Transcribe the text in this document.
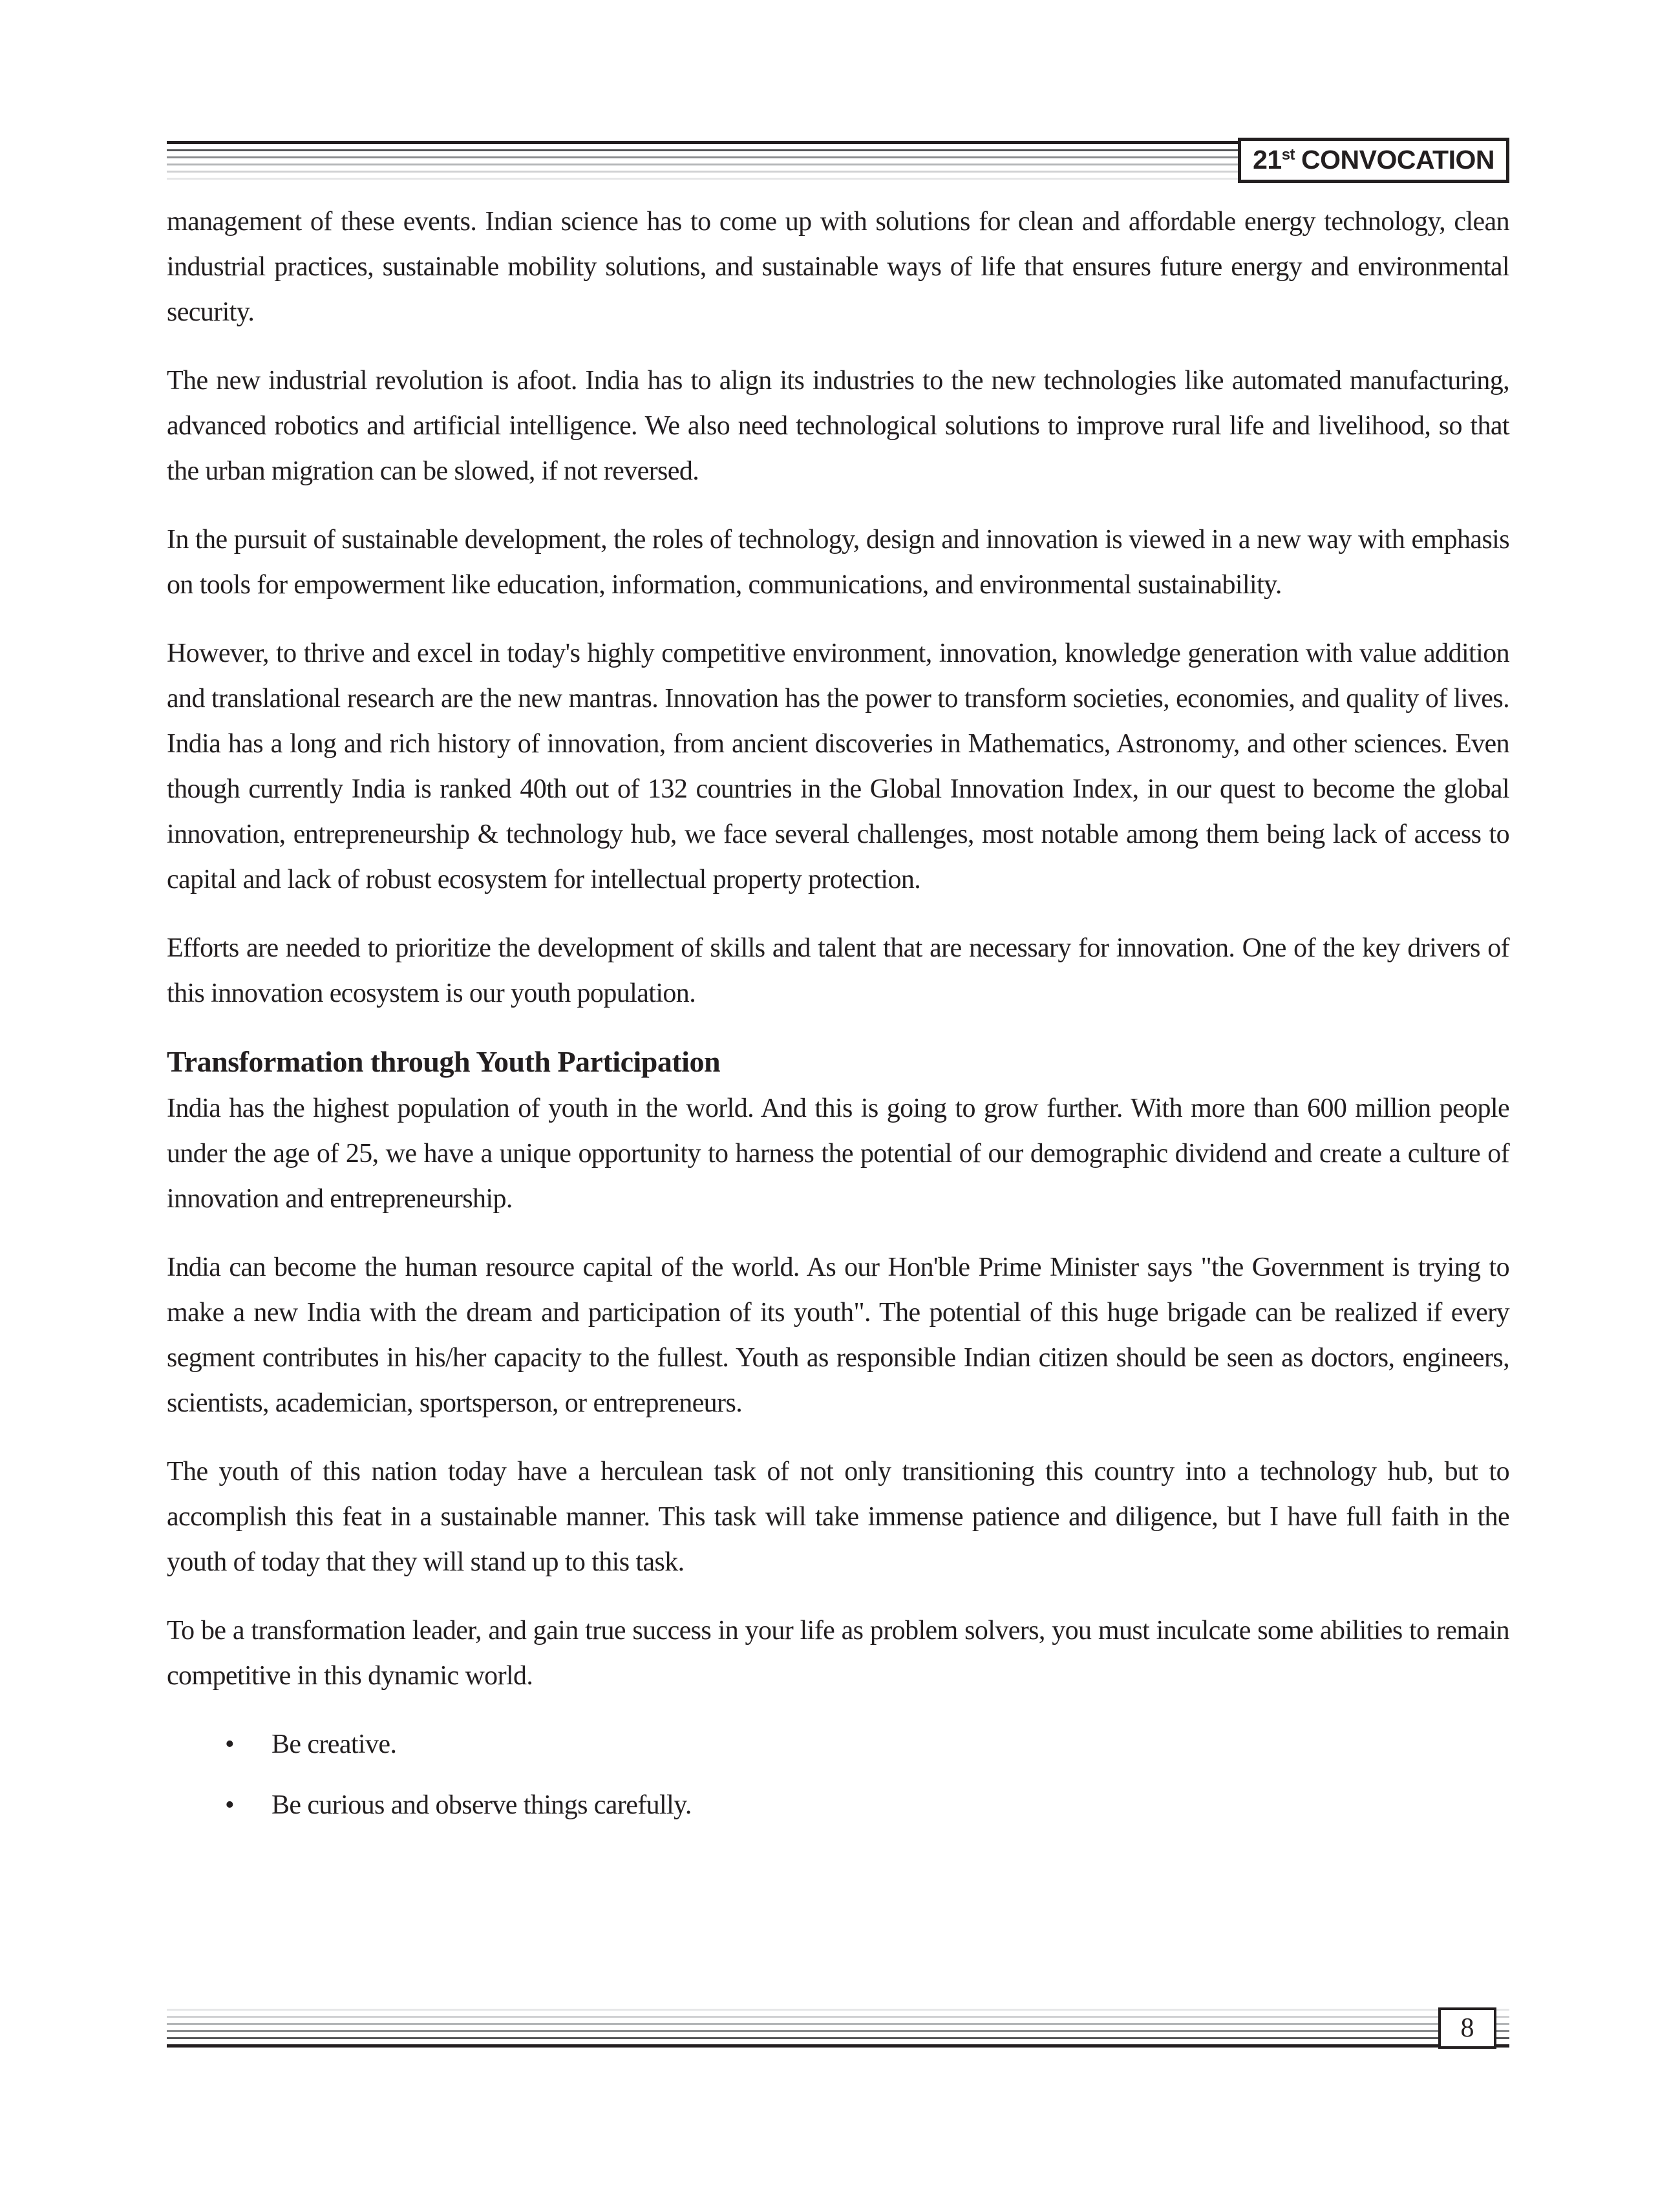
21st CONVOCATION

management of these events. Indian science has to come up with solutions for clean and affordable energy technology, clean industrial practices, sustainable mobility solutions, and sustainable ways of life that ensures future energy and environmental security.

The new industrial revolution is afoot. India has to align its industries to the new technologies like automated manufacturing, advanced robotics and artificial intelligence. We also need technological solutions to improve rural life and livelihood, so that the urban migration can be slowed, if not reversed.

In the pursuit of sustainable development, the roles of technology, design and innovation is viewed in a new way with emphasis on tools for empowerment like education, information, communications, and environmental sustainability.

However, to thrive and excel in today's highly competitive environment, innovation, knowledge generation with value addition and translational research are the new mantras. Innovation has the power to transform societies, economies, and quality of lives. India has a long and rich history of innovation, from ancient discoveries in Mathematics, Astronomy, and other sciences. Even though currently India is ranked 40th out of 132 countries in the Global Innovation Index, in our quest to become the global innovation, entrepreneurship & technology hub, we face several challenges, most notable among them being lack of access to capital and lack of robust ecosystem for intellectual property protection.

Efforts are needed to prioritize the development of skills and talent that are necessary for innovation. One of the key drivers of this innovation ecosystem is our youth population.

Transformation through Youth Participation

India has the highest population of youth in the world. And this is going to grow further. With more than 600 million people under the age of 25, we have a unique opportunity to harness the potential of our demographic dividend and create a culture of innovation and entrepreneurship.

India can become the human resource capital of the world. As our Hon'ble Prime Minister says "the Government is trying to make a new India with the dream and participation of its youth". The potential of this huge brigade can be realized if every segment contributes in his/her capacity to the fullest. Youth as responsible Indian citizen should be seen as doctors, engineers, scientists, academician, sportsperson, or entrepreneurs.

The youth of this nation today have a herculean task of not only transitioning this country into a technology hub, but to accomplish this feat in a sustainable manner. This task will take immense patience and diligence, but I have full faith in the youth of today that they will stand up to this task.

To be a transformation leader, and gain true success in your life as problem solvers, you must inculcate some abilities to remain competitive in this dynamic world.

• Be creative.
• Be curious and observe things carefully.
8
